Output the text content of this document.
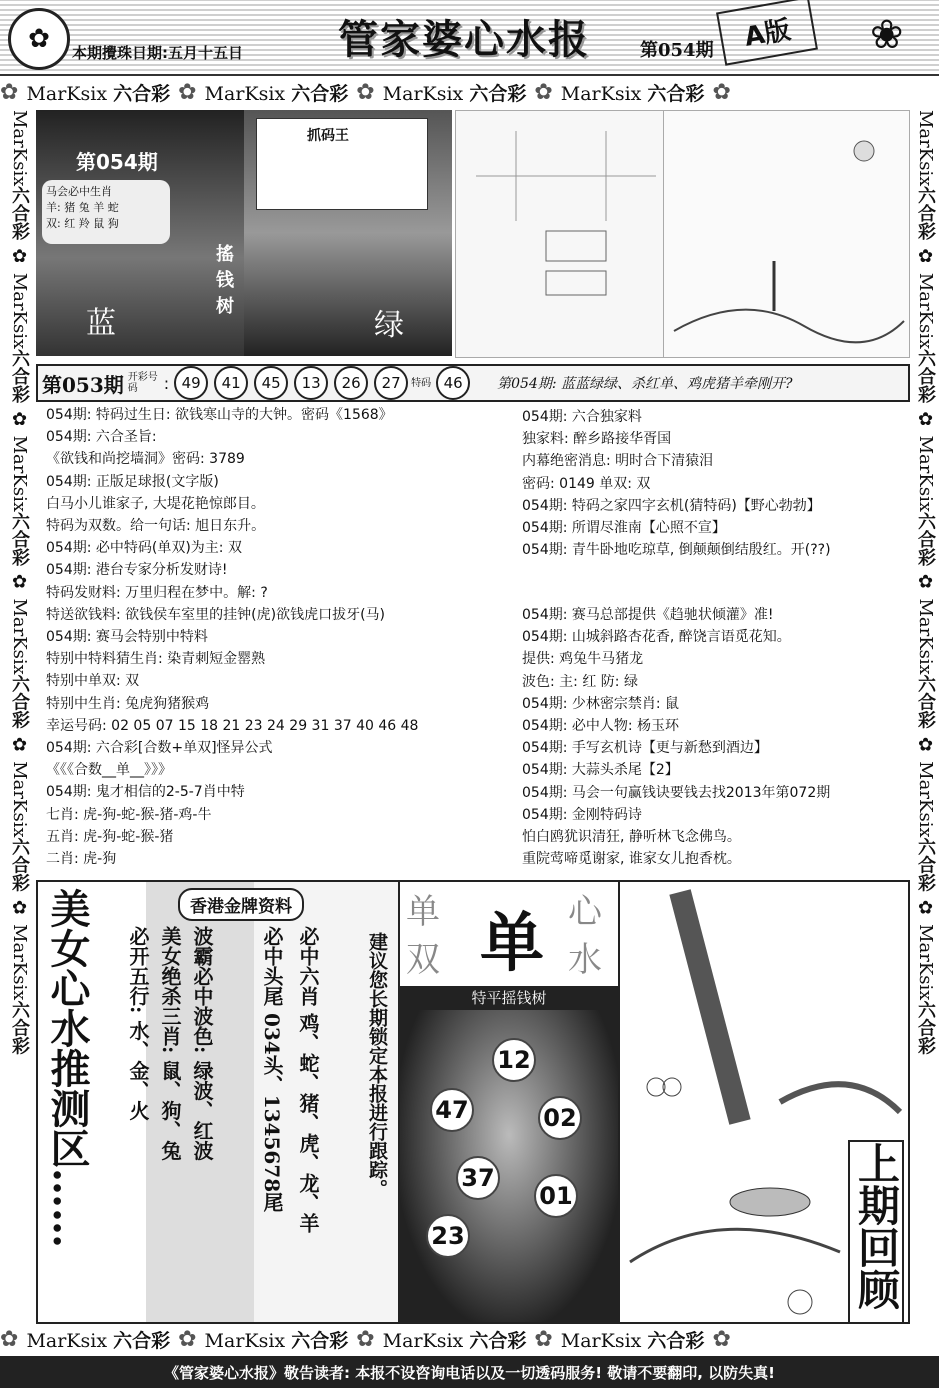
✿	本期攪珠日期:五月十五日 管家婆心水报	第054期	A版	❀
✿ MarKsix 六合彩 ✿ MarKsix 六合彩 ✿ MarKsix 六合彩 ✿ MarKsix 六合彩 ✿
MarKsix六合彩 ✿ MarKsix六合彩 ✿ MarKsix六合彩 ✿ MarKsix六合彩 ✿ MarKsix六合彩 ✿ MarKsix六合彩
MarKsix六合彩 ✿ MarKsix六合彩 ✿ MarKsix六合彩 ✿ MarKsix六合彩 ✿ MarKsix六合彩 ✿ MarKsix六合彩
第054期
马会必中生肖
羊: 猪 兔 羊 蛇
双: 红 羚 鼠 狗
蓝
搖钱树
抓码王
绿
第053期 开彩号码	: 49	41	45	13	26	27	特码 46	第054期: 蓝蓝绿绿、杀红单、鸡虎猪羊牵刚开?
054期: 特码过生日: 欲钱寒山寺的大钟。密码《1568》
054期: 六合圣旨:
《欲钱和尚挖墙洞》密码: 3789
054期: 正版足球报(文字版)
白马小儿谁家子, 大堤花艳惊郎目。
特码为双数。给一句话: 旭日东升。
054期: 必中特码(单双)为主: 双
054期: 港台专家分析发财诗!
特码发财料: 万里归程在梦中。解: ?
特送欲钱料: 欲钱侯车室里的挂钟(虎)欲钱虎口拔牙(马)
054期: 赛马会特别中特料
特别中特料猜生肖: 染青刺短金罂熟
特别中单双: 双
特别中生肖: 兔虎狗猪猴鸡
幸运号码: 02 05 07 15 18 21 23 24 29 31 37 40 46 48
054期: 六合彩[合数+单双]怪异公式
《《《合数__单__》》》
054期: 鬼才相信的2-5-7肖中特
七肖: 虎-狗-蛇-猴-猪-鸡-牛
五肖: 虎-狗-蛇-猴-猪
二肖: 虎-狗
054期: 六合独家料
独家料: 醉乡路接华胥国
内幕绝密消息: 明时合下清猿泪
密码: 0149 单双: 双
054期: 特码之家四字玄机(猜特码)【野心勃勃】
054期: 所谓尽淮南【心照不宣】
054期: 青牛卧地吃琼草, 倒颠颠倒结殷红。开(??)
054期: 赛马总部提供《趋驰状倾灌》准!
054期: 山城斜路杏花香, 醉饶言语觅花知。
提供: 鸡兔牛马猪龙
波色: 主: 红 防: 绿
054期: 少林密宗禁肖: 鼠
054期: 必中人物: 杨玉环
054期: 手写玄机诗【更与新愁到酒边】
054期: 大蒜头杀尾【2】
054期: 马会一句赢钱诀要钱去找2013年第072期
054期: 金刚特码诗
怕白鸥犹识清狂, 静听林飞念佛鸟。
重院莺啼觅谢家, 谁家女儿抱香枕。
美女心水推测区……	香港金牌资料
必中六肖 鸡、蛇、猪、虎、龙、羊
必中头尾 034头、1345678尾
波霸必中波色: 绿波、红波
美女绝杀三肖: 鼠、狗、兔
必开五行: 水、金、火	建议您长期锁定本报进行跟踪。
单 单 心
双	水
特平摇钱树
12
47	02
37
01
23	上期回顾
✿ MarKsix 六合彩 ✿ MarKsix 六合彩 ✿ MarKsix 六合彩 ✿ MarKsix 六合彩 ✿
《管家婆心水报》敬告读者: 本报不设咨询电话以及一切透码服务! 敬请不要翻印, 以防失真!
